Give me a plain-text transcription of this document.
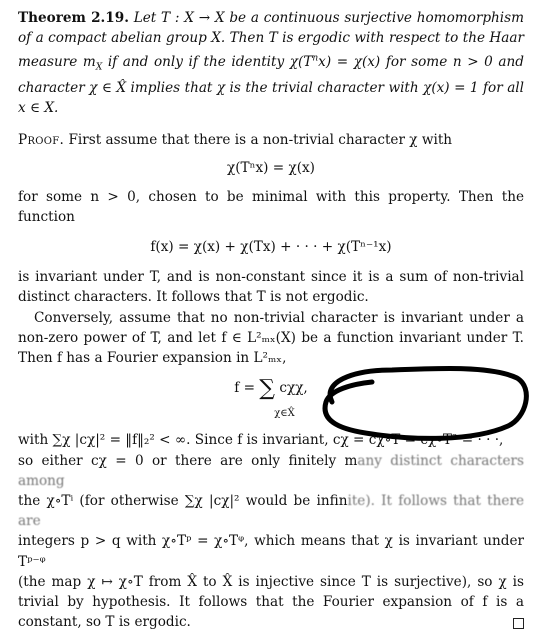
Theorem 2.19. Let T : X → X be a continuous surjective homomorphism of a compact abelian group X. Then T is ergodic with respect to the Haar measure $m_X$ if and only if the identity $\chi(T^nx) = \chi(x)$ for some n > 0 and character χ ∈ X̂ implies that χ is the trivial character with χ(x) = 1 for all x ∈ X.

Proof. First assume that there is a non-trivial character χ with

χ(Tⁿx) = χ(x)

for some n > 0, chosen to be minimal with this property. Then the function

f(x) = χ(x) + χ(Tx) + · · · + χ(Tⁿ⁻¹x)

is invariant under T, and is non-constant since it is a sum of non-trivial distinct characters. It follows that T is not ergodic.

Conversely, assume that no non-trivial character is invariant under a non-zero power of T, and let f ∈ L²ₘₓ(X) be a function invariant under T. Then f has a Fourier expansion in L²ₘₓ,

f = ∑ cχχ,
χ∈X̂

with ∑χ |cχ|² = ‖f‖₂² < ∞. Since f is invariant, cχ = cχ∘T = cχ∘T² = · · ·,

so either cχ = 0 or there are only finitely many distinct characters among

the χ∘Tⁱ (for otherwise ∑χ |cχ|² would be infinite). It follows that there are

integers p > q with χ∘Tᵖ = χ∘Tᵠ, which means that χ is invariant under Tᵖ⁻ᵠ

(the map χ ↦ χ∘T from X̂ to X̂ is injective since T is surjective), so χ is trivial by hypothesis. It follows that the Fourier expansion of f is a constant, so T is ergodic.
